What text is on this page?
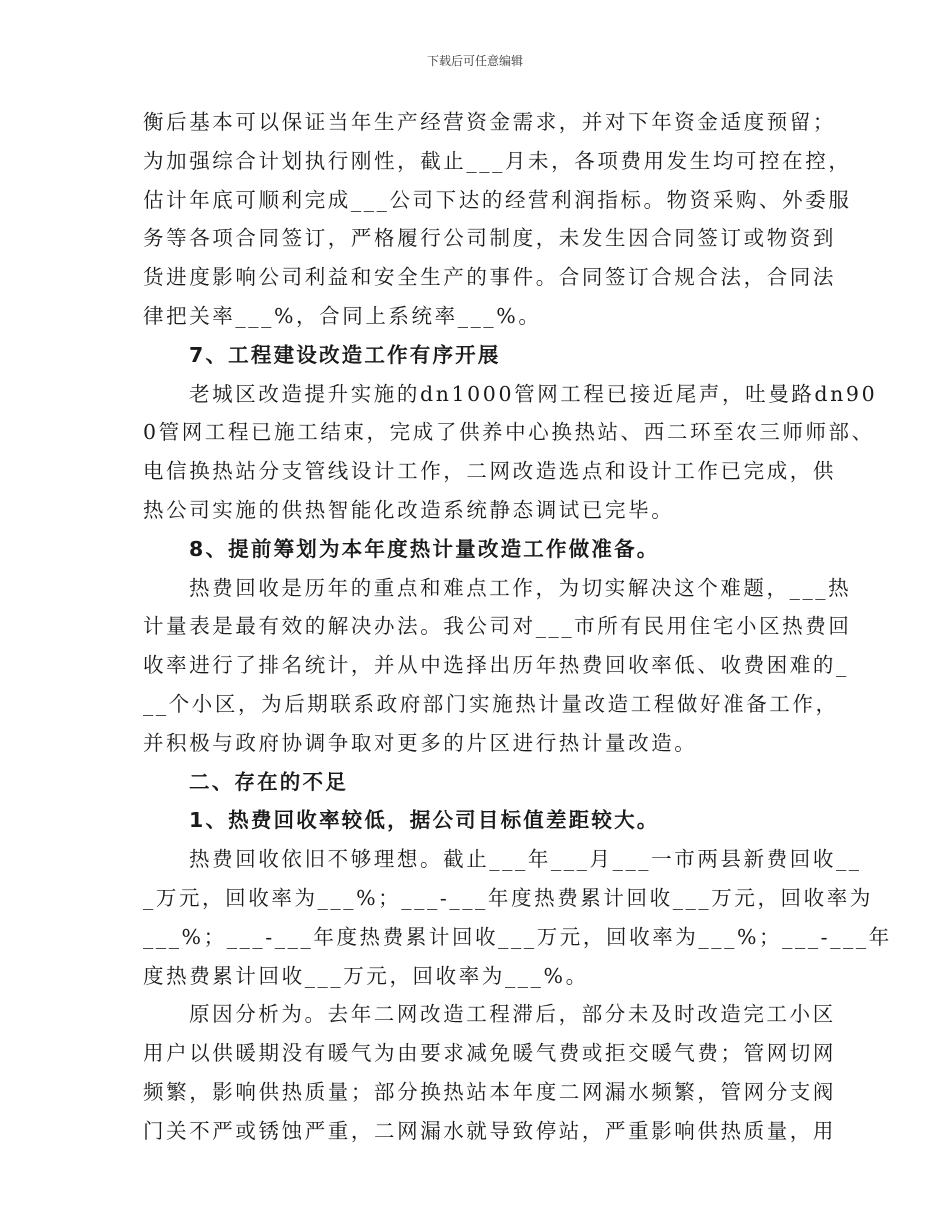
下载后可任意编辑
衡后基本可以保证当年生产经营资金需求，并对下年资金适度预留；
为加强综合计划执行刚性，截止___月未，各项费用发生均可控在控，
估计年底可顺利完成___公司下达的经营利润指标。物资采购、外委服
务等各项合同签订，严格履行公司制度，未发生因合同签订或物资到
货进度影响公司利益和安全生产的事件。合同签订合规合法，合同法
律把关率___%，合同上系统率___%。
7、工程建设改造工作有序开展
老城区改造提升实施的dn1000管网工程已接近尾声，吐曼路dn90
0管网工程已施工结束，完成了供养中心换热站、西二环至农三师师部、
电信换热站分支管线设计工作，二网改造选点和设计工作已完成，供
热公司实施的供热智能化改造系统静态调试已完毕。
8、提前筹划为本年度热计量改造工作做准备。
热费回收是历年的重点和难点工作，为切实解决这个难题，___热
计量表是最有效的解决办法。我公司对___市所有民用住宅小区热费回
收率进行了排名统计，并从中选择出历年热费回收率低、收费困难的_
__个小区，为后期联系政府部门实施热计量改造工程做好准备工作，
并积极与政府协调争取对更多的片区进行热计量改造。
二、存在的不足
1、热费回收率较低，据公司目标值差距较大。
热费回收依旧不够理想。截止___年___月___一市两县新费回收__
_万元，回收率为___%；___-___年度热费累计回收___万元，回收率为
___%；___-___年度热费累计回收___万元，回收率为___%；___-___年
度热费累计回收___万元，回收率为___%。
原因分析为。去年二网改造工程滞后，部分未及时改造完工小区
用户以供暖期没有暖气为由要求减免暖气费或拒交暖气费；管网切网
频繁，影响供热质量；部分换热站本年度二网漏水频繁，管网分支阀
门关不严或锈蚀严重，二网漏水就导致停站，严重影响供热质量，用
